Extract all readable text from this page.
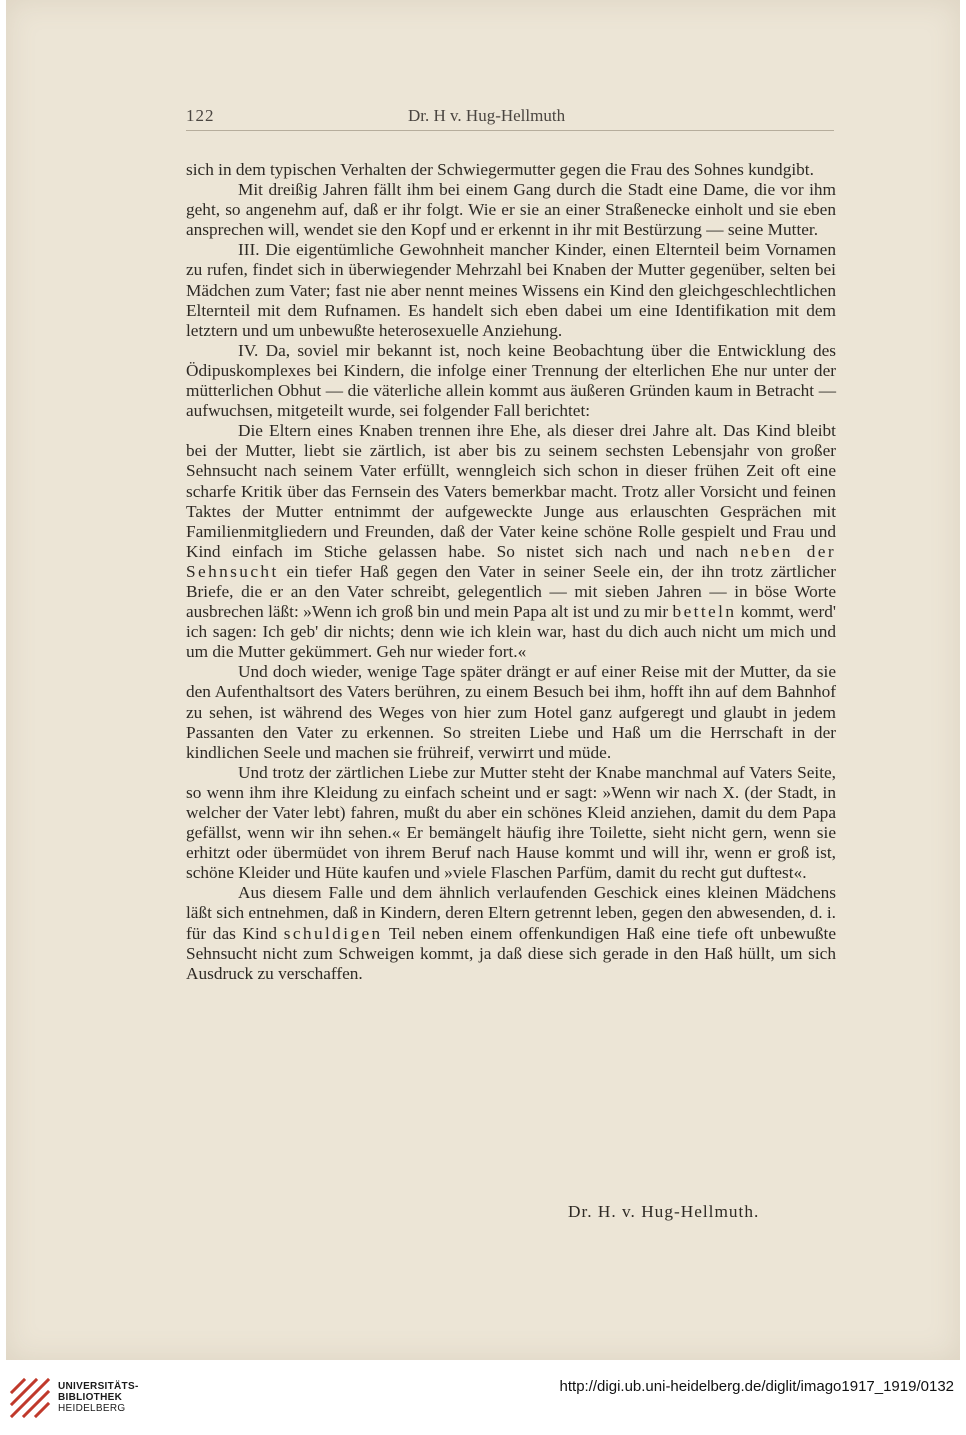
122	Dr. H v. Hug-Hellmuth

sich in dem typischen Verhalten der Schwiegermutter gegen die Frau des Sohnes kundgibt.

Mit dreißig Jahren fällt ihm bei einem Gang durch die Stadt eine Dame, die vor ihm geht, so angenehm auf, daß er ihr folgt. Wie er sie an einer Straßenecke einholt und sie eben ansprechen will, wendet sie den Kopf und er erkennt in ihr mit Bestürzung — seine Mutter.

III. Die eigentümliche Gewohnheit mancher Kinder, einen Elternteil beim Vornamen zu rufen, findet sich in überwiegender Mehrzahl bei Knaben der Mutter gegenüber, selten bei Mädchen zum Vater; fast nie aber nennt meines Wissens ein Kind den gleichgeschlechtlichen Elternteil mit dem Rufnamen. Es handelt sich eben dabei um eine Identifikation mit dem letztern und um unbewußte heterosexuelle Anziehung.

IV. Da, soviel mir bekannt ist, noch keine Beobachtung über die Entwicklung des Ödipuskomplexes bei Kindern, die infolge einer Trennung der elterlichen Ehe nur unter der mütterlichen Obhut — die väterliche allein kommt aus äußeren Gründen kaum in Betracht — aufwuchsen, mitgeteilt wurde, sei folgender Fall berichtet:

Die Eltern eines Knaben trennen ihre Ehe, als dieser drei Jahre alt. Das Kind bleibt bei der Mutter, liebt sie zärtlich, ist aber bis zu seinem sechsten Lebensjahr von großer Sehnsucht nach seinem Vater erfüllt, wenngleich sich schon in dieser frühen Zeit oft eine scharfe Kritik über das Fernsein des Vaters bemerkbar macht. Trotz aller Vorsicht und feinen Taktes der Mutter entnimmt der aufgeweckte Junge aus erlauschten Gesprächen mit Familienmitgliedern und Freunden, daß der Vater keine schöne Rolle gespielt und Frau und Kind einfach im Stiche gelassen habe. So nistet sich nach und nach neben der Sehnsucht ein tiefer Haß gegen den Vater in seiner Seele ein, der ihn trotz zärtlicher Briefe, die er an den Vater schreibt, gelegentlich — mit sieben Jahren — in böse Worte ausbrechen läßt: »Wenn ich groß bin und mein Papa alt ist und zu mir betteln kommt, werd' ich sagen: Ich geb' dir nichts; denn wie ich klein war, hast du dich auch nicht um mich und um die Mutter gekümmert. Geh nur wieder fort.«

Und doch wieder, wenige Tage später drängt er auf einer Reise mit der Mutter, da sie den Aufenthaltsort des Vaters berühren, zu einem Besuch bei ihm, hofft ihn auf dem Bahnhof zu sehen, ist während des Weges von hier zum Hotel ganz aufgeregt und glaubt in jedem Passanten den Vater zu erkennen. So streiten Liebe und Haß um die Herrschaft in der kindlichen Seele und machen sie frühreif, verwirrt und müde.

Und trotz der zärtlichen Liebe zur Mutter steht der Knabe manchmal auf Vaters Seite, so wenn ihm ihre Kleidung zu einfach scheint und er sagt: »Wenn wir nach X. (der Stadt, in welcher der Vater lebt) fahren, mußt du aber ein schönes Kleid anziehen, damit du dem Papa gefällst, wenn wir ihn sehen.« Er bemängelt häufig ihre Toilette, sieht nicht gern, wenn sie erhitzt oder übermüdet von ihrem Beruf nach Hause kommt und will ihr, wenn er groß ist, schöne Kleider und Hüte kaufen und »viele Flaschen Parfüm, damit du recht gut duftest«.

Aus diesem Falle und dem ähnlich verlaufenden Geschick eines kleinen Mädchens läßt sich entnehmen, daß in Kindern, deren Eltern getrennt leben, gegen den abwesenden, d. i. für das Kind schuldigen Teil neben einem offenkundigen Haß eine tiefe oft unbewußte Sehnsucht nicht zum Schweigen kommt, ja daß diese sich gerade in den Haß hüllt, um sich Ausdruck zu verschaffen.

Dr. H. v. Hug-Hellmuth.
UNIVERSITÄTS-
BIBLIOTHEK
HEIDELBERG
http://digi.ub.uni-heidelberg.de/diglit/imago1917_1919/0132
